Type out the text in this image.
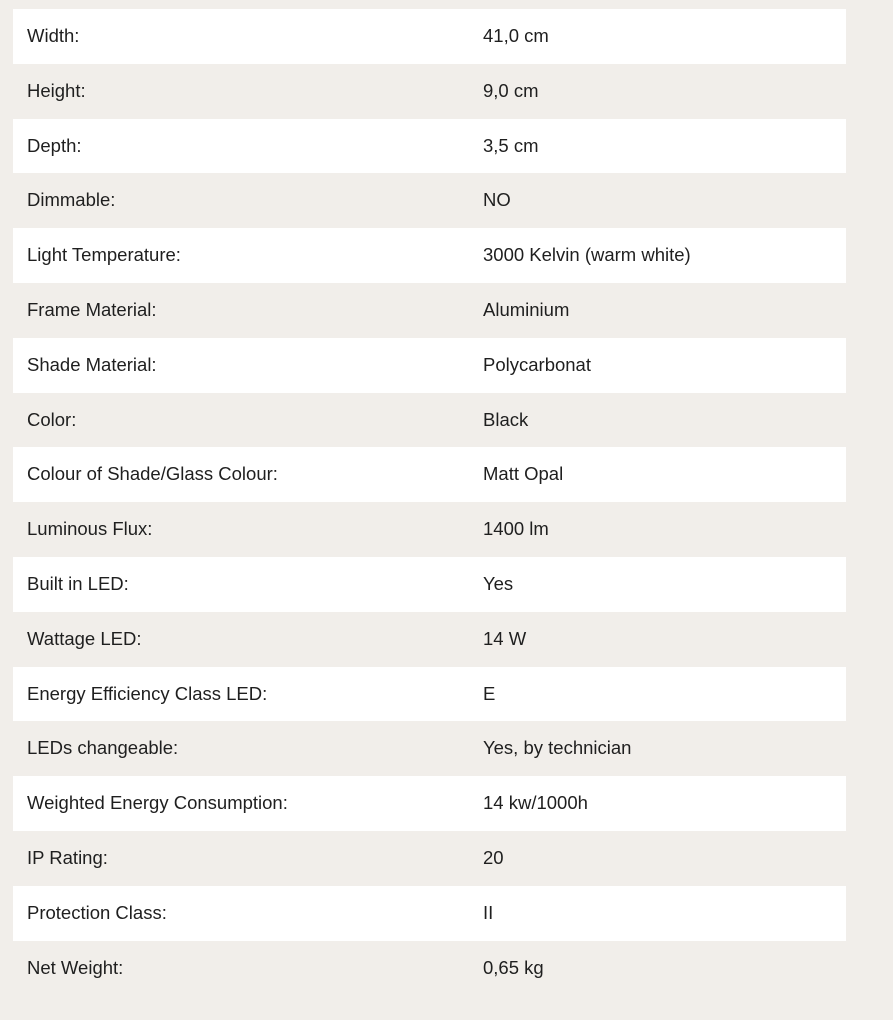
Width:	41,0 cm
Height:	9,0 cm
Depth:	3,5 cm
Dimmable:	NO
Light Temperature:	3000 Kelvin (warm white)
Frame Material:	Aluminium
Shade Material:	Polycarbonat
Color:	Black
Colour of Shade/Glass Colour:	Matt Opal
Luminous Flux:	1400 lm
Built in LED:	Yes
Wattage LED:	14 W
Energy Efficiency Class LED:	E
LEDs changeable:	Yes, by technician
Weighted Energy Consumption:	14 kw/1000h
IP Rating:	20
Protection Class:	II
Net Weight:	0,65 kg
